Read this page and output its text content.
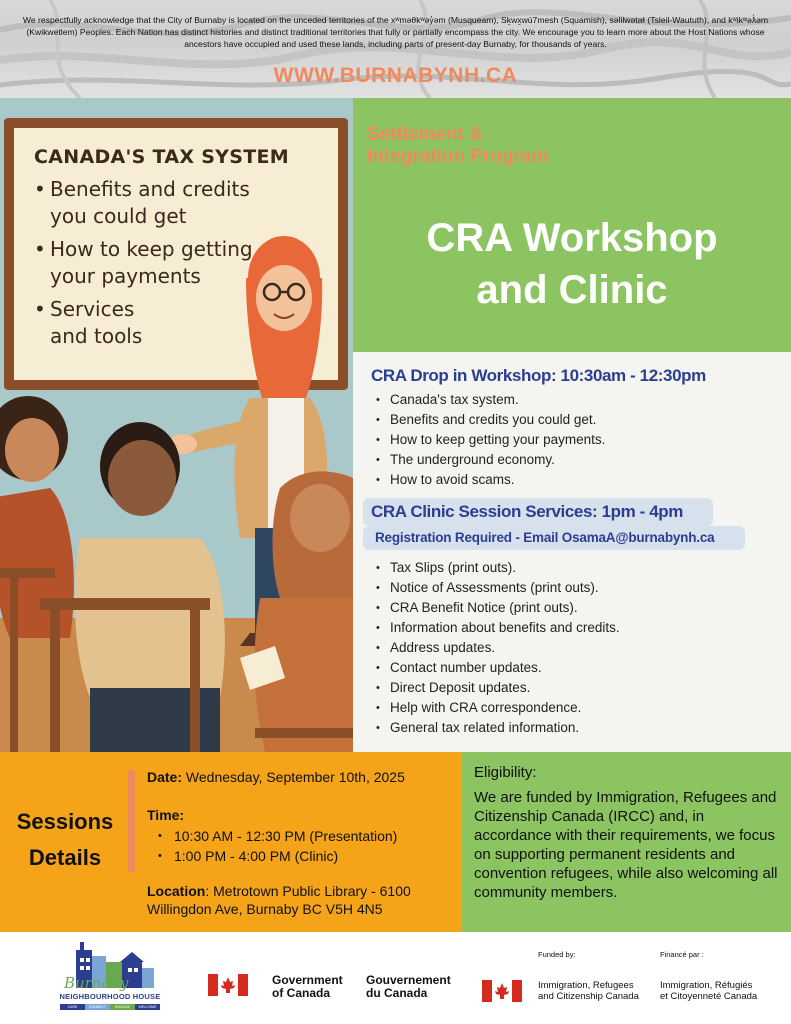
We respectfully acknowledge that the City of Burnaby is located on the unceded territories of the xʷməθkʷəy̓əm (Musqueam), Sḵwx̱wú7mesh (Squamish), səlilwətaɬ (Tsleil-Waututh), and kʷikʷəƛ̓əm (Kwikwetlem) Peoples. Each Nation has distinct histories and distinct traditional territories that fully or partially encompass the city. We encourage you to learn more about the Host Nations whose ancestors have occupied and used these lands, including parts of present-day Burnaby, for thousands of years.
WWW.BURNABYNH.CA
CANADA'S TAX SYSTEM
• Benefits and credits you could get
• How to keep getting your payments
• Services and tools
Settlement &
Integration Program
CRA Workshop
and Clinic
CRA Drop in Workshop: 10:30am - 12:30pm
• Canada's tax system.
• Benefits and credits you could get.
• How to keep getting your payments.
• The underground economy.
• How to avoid scams.
CRA Clinic Session Services: 1pm - 4pm
Registration Required - Email OsamaA@burnabynh.ca
• Tax Slips (print outs).
• Notice of Assessments (print outs).
• CRA Benefit Notice (print outs).
• Information about benefits and credits.
• Address updates.
• Contact number updates.
• Direct Deposit updates.
• Help with CRA correspondence.
• General tax related information.
Sessions
Details
Date: Wednesday, September 10th, 2025
Time:
• 10:30 AM - 12:30 PM (Presentation)
• 1:00 PM - 4:00 PM (Clinic)
Location: Metrotown Public Library - 6100 Willingdon Ave, Burnaby BC V5H 4N5
Eligibility:
We are funded by Immigration, Refugees and Citizenship Canada (IRCC) and, in accordance with their requirements, we focus on supporting permanent residents and convention refugees, while also welcoming all community members.
Burnaby
NEIGHBOURHOOD HOUSE
CARE	CONNECT	ENGAGE	WELCOME
Government
of Canada
Gouvernement
du Canada
Funded by:	Financé par :
Immigration, Refugees
and Citizenship Canada
Immigration, Réfugiés
et Citoyenneté Canada
